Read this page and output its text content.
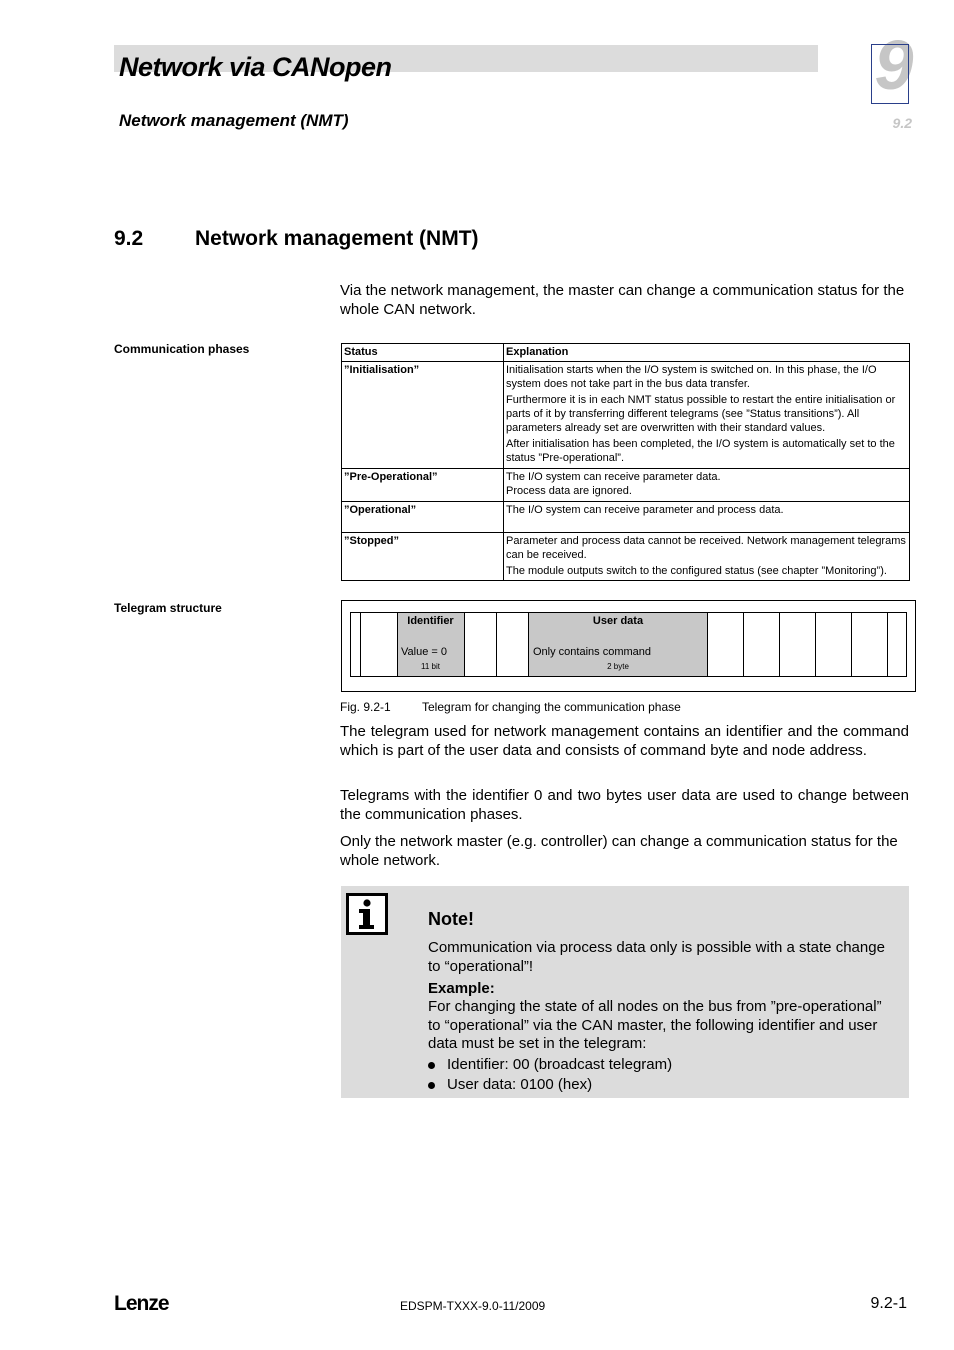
Network via CANopen
Network management (NMT)
9
9.2
9.2 Network management (NMT)
Via the network management, the master can change a communication status for the whole CAN network.
Communication phases	Status	Explanation
”Initialisation”	Initialisation starts when the I/O system is switched on. In this phase, the I/O system does not take part in the bus data transfer.

Furthermore it is in each NMT status possible to restart the entire initialisation or parts of it by transferring different telegrams (see ”Status transitions”). All parameters already set are overwritten with their standard values.

After initialisation has been completed, the I/O system is automatically set to the status ”Pre-operational”.

”Pre-Operational”	The I/O system can receive parameter data.

Process data are ignored.

”Operational”	The I/O system can receive parameter and process data.

”Stopped”	Parameter and process data cannot be received. Network management telegrams can be received.

The module outputs switch to the configured status (see chapter ”Monitoring”).

Telegram structure
Identifier
Value = 0
11 bit
User data
Only contains command
2 byte
Fig. 9.2-1	Telegram for changing the communication phase
The telegram used for network management contains an identifier and the command which is part of the user data and consists of command byte and node address.
Telegrams with the identifier 0 and two bytes user data are used to change between the communication phases.
Only the network master (e.g. controller) can change a communication status for the whole network.
Note!
Communication via process data only is possible with a state change to “operational”!
Example:
For changing the state of all nodes on the bus from ”pre-operational” to “operational” via the CAN master, the following identifier and user data must be set in the telegram:
Identifier: 00 (broadcast telegram)
User data: 0100 (hex)
Lenze	EDSPM-TXXX-9.0-11/2009	9.2-1
